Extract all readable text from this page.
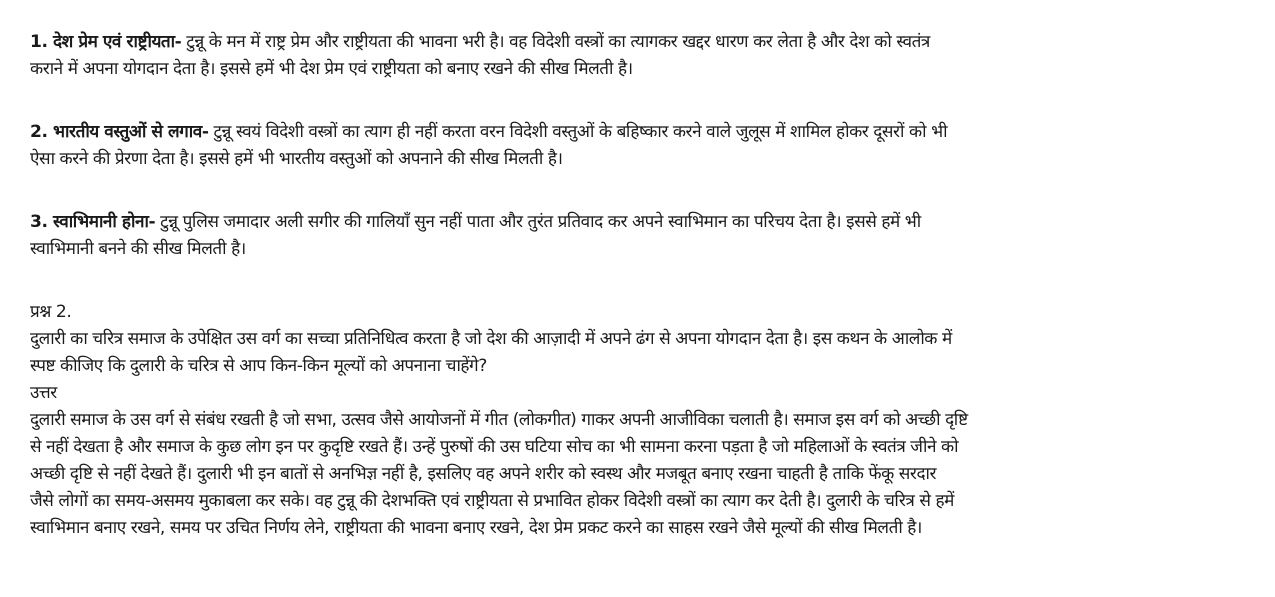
1. देश प्रेम एवं राष्ट्रीयता- टुन्नू के मन में राष्ट्र प्रेम और राष्ट्रीयता की भावना भरी है। वह विदेशी वस्त्रों का त्यागकर खद्दर धारण कर लेता है और देश को स्वतंत्र
कराने में अपना योगदान देता है। इससे हमें भी देश प्रेम एवं राष्ट्रीयता को बनाए रखने की सीख मिलती है।

2. भारतीय वस्तुओं से लगाव- टुन्नू स्वयं विदेशी वस्त्रों का त्याग ही नहीं करता वरन विदेशी वस्तुओं के बहिष्कार करने वाले जुलूस में शामिल होकर दूसरों को भी
ऐसा करने की प्रेरणा देता है। इससे हमें भी भारतीय वस्तुओं को अपनाने की सीख मिलती है।

3. स्वाभिमानी होना- टुन्नू पुलिस जमादार अली सगीर की गालियाँ सुन नहीं पाता और तुरंत प्रतिवाद कर अपने स्वाभिमान का परिचय देता है। इससे हमें भी
स्वाभिमानी बनने की सीख मिलती है।

प्रश्न 2.
दुलारी का चरित्र समाज के उपेक्षित उस वर्ग का सच्चा प्रतिनिधित्व करता है जो देश की आज़ादी में अपने ढंग से अपना योगदान देता है। इस कथन के आलोक में
स्पष्ट कीजिए कि दुलारी के चरित्र से आप किन-किन मूल्यों को अपनाना चाहेंगे?
उत्तर
दुलारी समाज के उस वर्ग से संबंध रखती है जो सभा, उत्सव जैसे आयोजनों में गीत (लोकगीत) गाकर अपनी आजीविका चलाती है। समाज इस वर्ग को अच्छी दृष्टि
से नहीं देखता है और समाज के कुछ लोग इन पर कुदृष्टि रखते हैं। उन्हें पुरुषों की उस घटिया सोच का भी सामना करना पड़ता है जो महिलाओं के स्वतंत्र जीने को
अच्छी दृष्टि से नहीं देखते हैं। दुलारी भी इन बातों से अनभिज्ञ नहीं है, इसलिए वह अपने शरीर को स्वस्थ और मजबूत बनाए रखना चाहती है ताकि फेंकू सरदार
जैसे लोगों का समय-असमय मुकाबला कर सके। वह टुन्नू की देशभक्ति एवं राष्ट्रीयता से प्रभावित होकर विदेशी वस्त्रों का त्याग कर देती है। दुलारी के चरित्र से हमें
स्वाभिमान बनाए रखने, समय पर उचित निर्णय लेने, राष्ट्रीयता की भावना बनाए रखने, देश प्रेम प्रकट करने का साहस रखने जैसे मूल्यों की सीख मिलती है।
